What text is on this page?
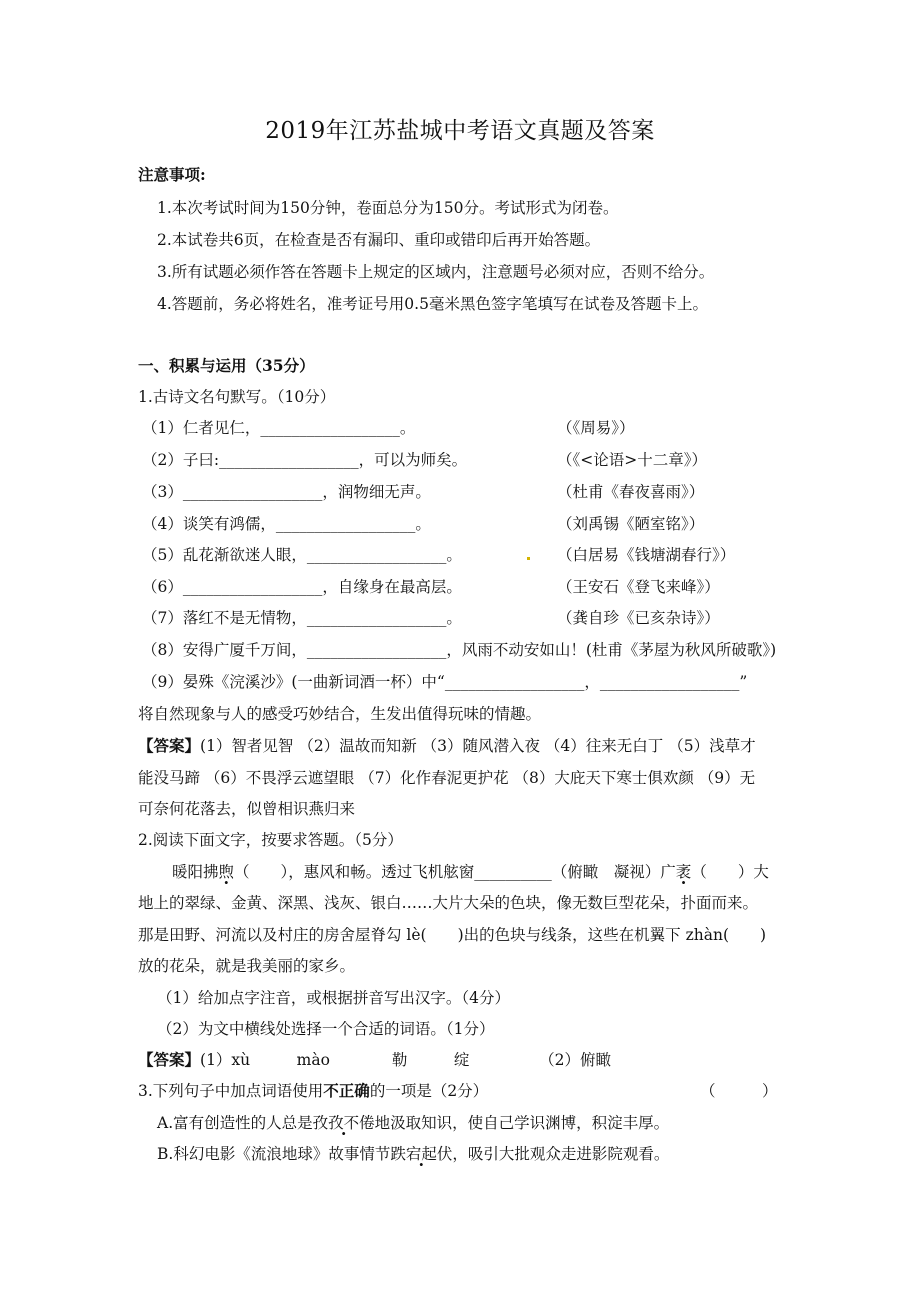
2019年江苏盐城中考语文真题及答案
注意事项:
1.本次考试时间为150分钟，卷面总分为150分。考试形式为闭卷。
2.本试卷共6页，在检查是否有漏印、重印或错印后再开始答题。
3.所有试题必须作答在答题卡上规定的区域内，注意题号必须对应，否则不给分。
4.答题前，务必将姓名，准考证号用0.5毫米黑色签字笔填写在试卷及答题卡上。
一、积累与运用（35分）
1.古诗文名句默写。（10分）
（1）仁者见仁，__________________。	（《周易》）
（2）子曰:__________________，可以为师矣。	（《<论语>十二章》）
（3）__________________，润物细无声。	（杜甫《春夜喜雨》）
（4）谈笑有鸿儒，__________________。	（刘禹锡《陋室铭》）
（5）乱花渐欲迷人眼，__________________。	（白居易《钱塘湖春行》）
（6）__________________，自缘身在最高层。	（王安石《登飞来峰》）
（7）落红不是无情物，__________________。	（龚自珍《已亥杂诗》）
（8）安得广厦千万间，__________________，风雨不动安如山！(杜甫《茅屋为秋风所破歌》)
（9）晏殊《浣溪沙》(一曲新词酒一杯）中“__________________，__________________”
将自然现象与人的感受巧妙结合，生发出值得玩味的情趣。
【答案】(1）智者见智 （2）温故而知新 （3）随风潜入夜 （4）往来无白丁 （5）浅草才
能没马蹄 （6）不畏浮云遮望眼 （7）化作春泥更护花 （8）大庇天下寒士俱欢颜 （9）无
可奈何花落去，似曾相识燕归来
2.阅读下面文字，按要求答题。（5分）
暖阳拂煦（　　），惠风和畅。透过飞机舷窗__________（俯瞰　凝视）广袤（　　）大
地上的翠绿、金黄、深黑、浅灰、银白……大片大朵的色块，像无数巨型花朵，扑面而来。
那是田野、河流以及村庄的房舍屋脊勾 lè(　　)出的色块与线条，这些在机翼下 zhàn(　　)
放的花朵，就是我美丽的家乡。
（1）给加点字注音，或根据拼音写出汉字。（4分）
（2）为文中横线处选择一个合适的词语。（1分）
【答案】(1）xù　　　mào　　　　勒　　　绽　　　　　（2）俯瞰
3.下列句子中加点词语使用不正确的一项是（2分）	（　　　）
A.富有创造性的人总是孜孜不倦地汲取知识，使自己学识渊博，积淀丰厚。
B.科幻电影《流浪地球》故事情节跌宕起伏，吸引大批观众走进影院观看。
